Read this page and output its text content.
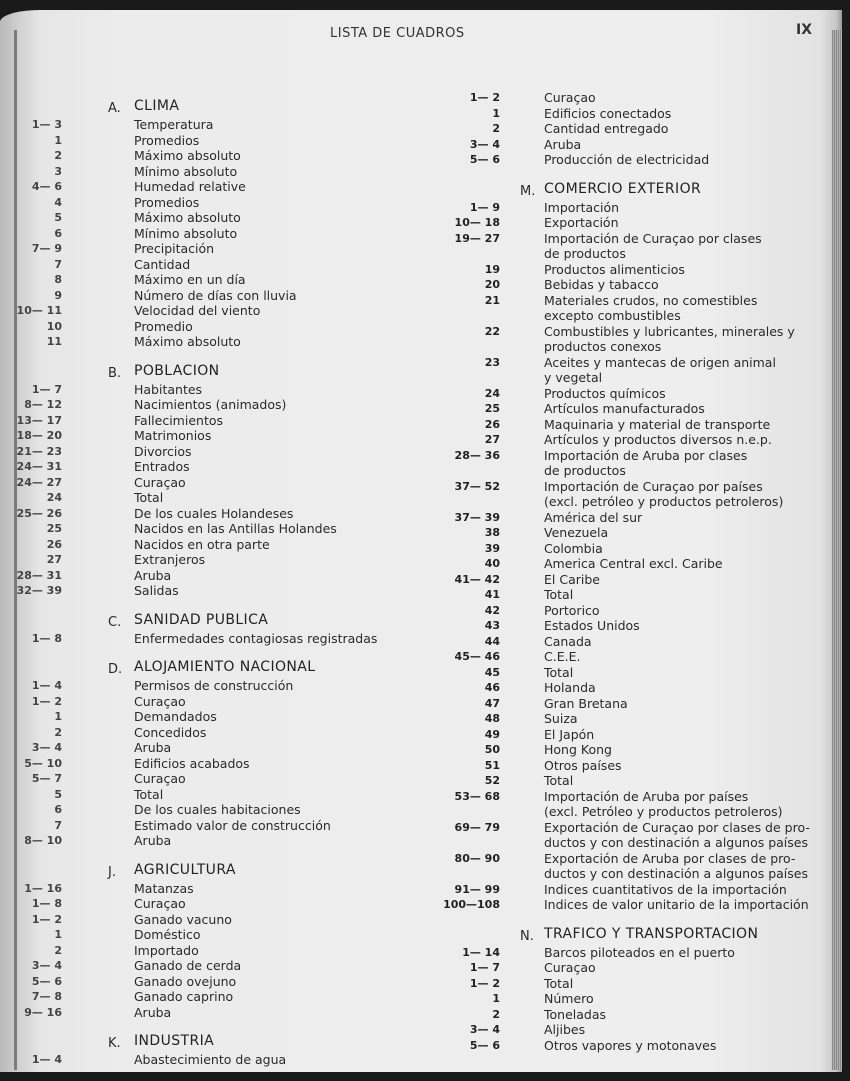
LISTA DE CUADROS	IX
A. CLIMA
1— 3	Temperatura
1	Promedios
2	Máximo absoluto
3	Mínimo absoluto
4— 6	Humedad relative
4	Promedios
5	Máximo absoluto
6	Mínimo absoluto
7— 9	Precipitación
7	Cantidad
8	Máximo en un día
9	Número de días con lluvia
10— 11	Velocidad del viento
10	Promedio
11	Máximo absoluto
B. POBLACION
1— 7	Habitantes
8— 12	Nacimientos (animados)
13— 17	Fallecimientos
18— 20	Matrimonios
21— 23	Divorcios
24— 31	Entrados
24— 27	Curaçao
24	Total
25— 26	De los cuales Holandeses
25	Nacidos en las Antillas Holandes
26	Nacidos en otra parte
27	Extranjeros
28— 31	Aruba
32— 39	Salidas
C. SANIDAD PUBLICA
1— 8	Enfermedades contagiosas registradas
D. ALOJAMIENTO NACIONAL
1— 4	Permisos de construcción
1— 2	Curaçao
1	Demandados
2	Concedidos
3— 4	Aruba
5— 10	Edificios acabados
5— 7	Curaçao
5	Total
6	De los cuales habitaciones
7	Estimado valor de construcción
8— 10	Aruba
J. AGRICULTURA
1— 16	Matanzas
1— 8	Curaçao
1— 2	Ganado vacuno
1	Doméstico
2	Importado
3— 4	Ganado de cerda
5— 6	Ganado ovejuno
7— 8	Ganado caprino
9— 16	Aruba
K. INDUSTRIA
1— 4	Abastecimiento de agua
1— 2	Curaçao
1	Edificios conectados
2	Cantidad entregado
3— 4	Aruba
5— 6	Producción de electricidad
M. COMERCIO EXTERIOR
1— 9	Importación
10— 18	Exportación
19— 27	Importación de Curaçao por clases
de productos
19	Productos alimenticios
20	Bebidas y tabacco
21	Materiales crudos, no comestibles
excepto combustibles
22	Combustibles y lubricantes, minerales y
productos conexos
23	Aceites y mantecas de origen animal
y vegetal
24	Productos químicos
25	Artículos manufacturados
26	Maquinaria y material de transporte
27	Artículos y productos diversos n.e.p.
28— 36	Importación de Aruba por clases
de productos
37— 52	Importación de Curaçao por países
(excl. petróleo y productos petroleros)
37— 39	América del sur
38	Venezuela
39	Colombia
40	America Central excl. Caribe
41— 42	El Caribe
41	Total
42	Portorico
43	Estados Unidos
44	Canada
45— 46	C.E.E.
45	Total
46	Holanda
47	Gran Bretana
48	Suiza
49	El Japón
50	Hong Kong
51	Otros países
52	Total
53— 68	Importación de Aruba por países
(excl. Petróleo y productos petroleros)
69— 79	Exportación de Curaçao por clases de pro-
ductos y con destinación a algunos países
80— 90	Exportación de Aruba por clases de pro-
ductos y con destinación a algunos países
91— 99	Indices cuantitativos de la importación
100—108	Indices de valor unitario de la importación
N. TRAFICO Y TRANSPORTACION
1— 14	Barcos piloteados en el puerto
1— 7	Curaçao
1— 2	Total
1	Número
2	Toneladas
3— 4	Aljibes
5— 6	Otros vapores y motonaves
